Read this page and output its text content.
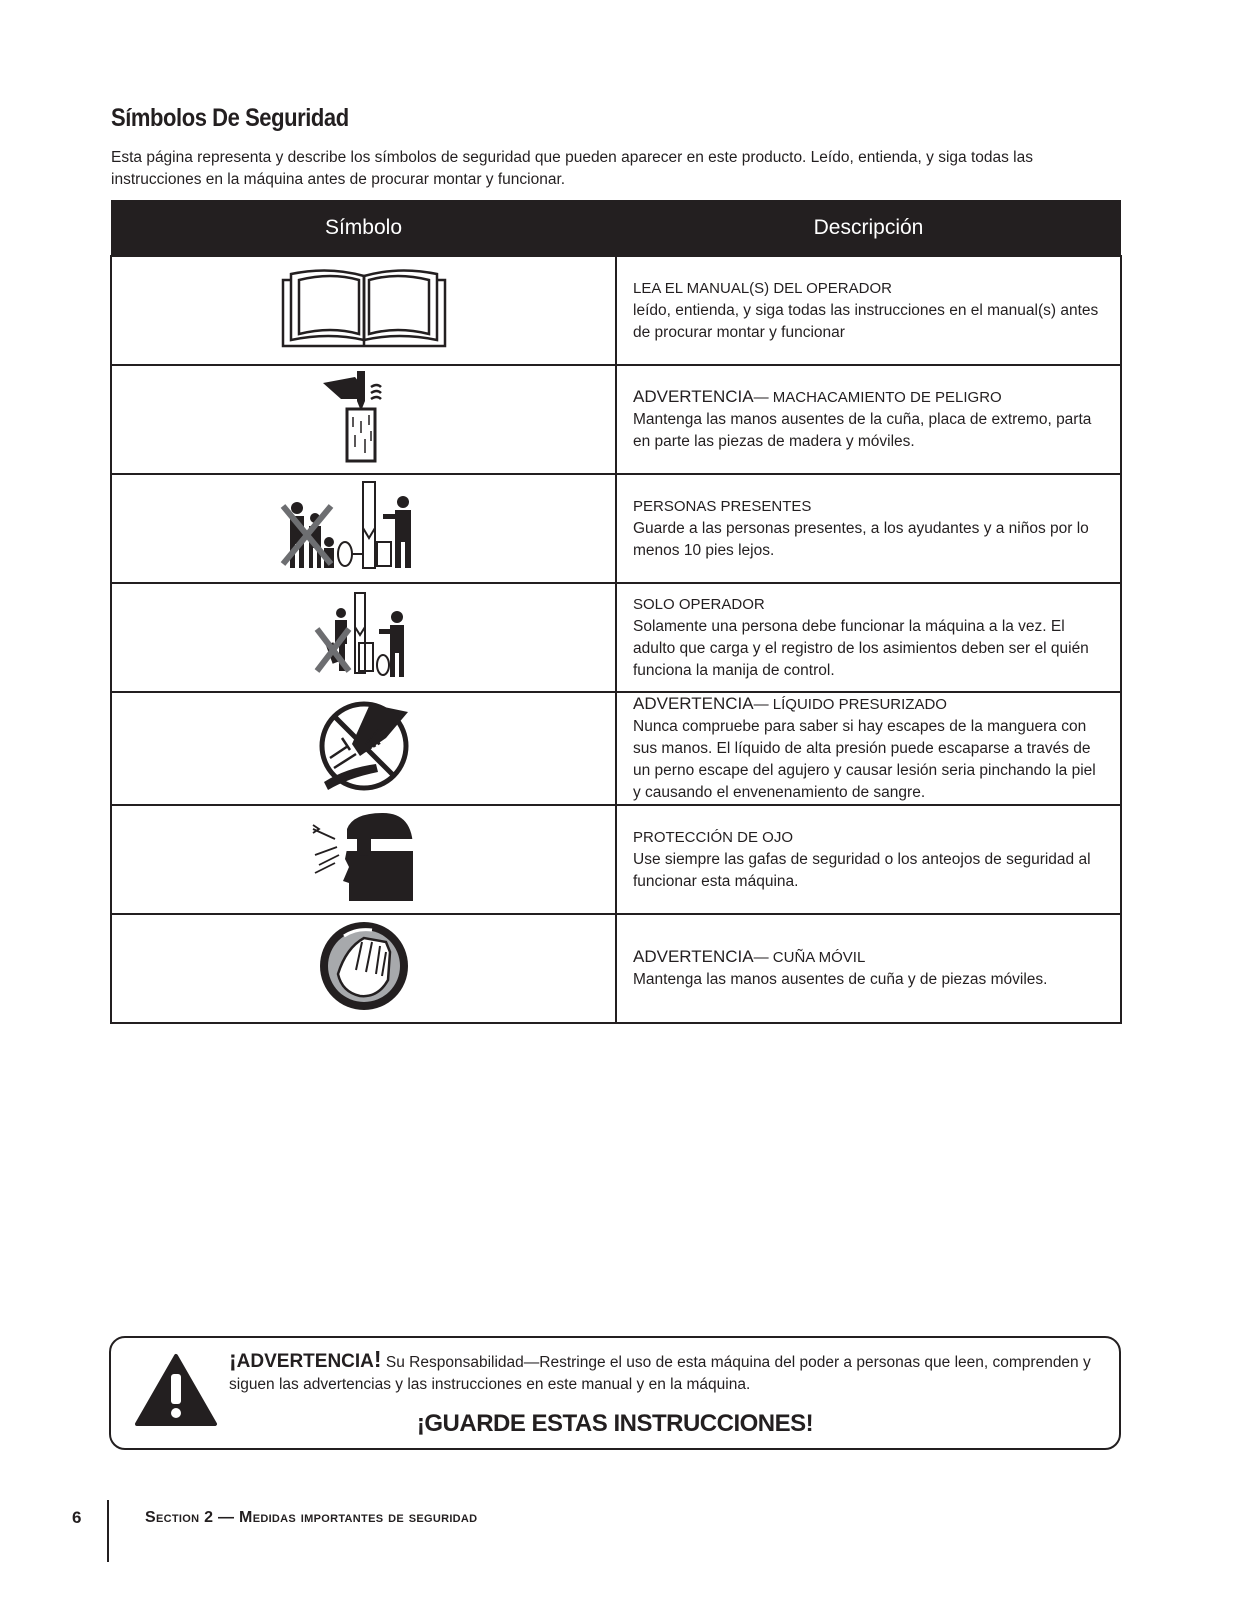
Símbolos De Seguridad
Esta página representa y describe los símbolos de seguridad que pueden aparecer en este producto. Leído, entienda, y siga todas las instrucciones en la máquina antes de procurar montar y funcionar.
Símbolo	Descripción
	LEA EL MANUAL(S) DEL OPERADOR
leído, entienda, y siga todas las instrucciones en el manual(s) antes de procurar montar y funcionar
	ADVERTENCIA— MACHACAMIENTO DE PELIGRO
Mantenga las manos ausentes de la cuña, placa de extremo, parta en parte las piezas de madera y móviles.
	PERSONAS PRESENTES
Guarde a las personas presentes, a los ayudantes y a niños por lo menos 10 pies lejos.
	SOLO OPERADOR
Solamente una persona debe funcionar la máquina a la vez. El adulto que carga y el registro de los asimientos deben ser el quién funciona la manija de control.
	ADVERTENCIA— LÍQUIDO PRESURIZADO
Nunca compruebe para saber si hay escapes de la manguera con sus manos. El líquido de alta presión puede escaparse a través de un perno escape del agujero y causar lesión seria pinchando la piel y causando el envenenamiento de sangre.
	PROTECCIÓN DE OJO
Use siempre las gafas de seguridad o los anteojos de seguridad al funcionar esta máquina.
	ADVERTENCIA— CUÑA MÓVIL
Mantenga las manos ausentes de cuña y de piezas móviles.
¡ADVERTENCIA! Su Responsabilidad—Restringe el uso de esta máquina del poder a personas que leen, comprenden y siguen las advertencias y las instrucciones en este manual y en la máquina.
¡GUARDE ESTAS INSTRUCCIONES!
6	Section 2 — Medidas importantes de seguridad
